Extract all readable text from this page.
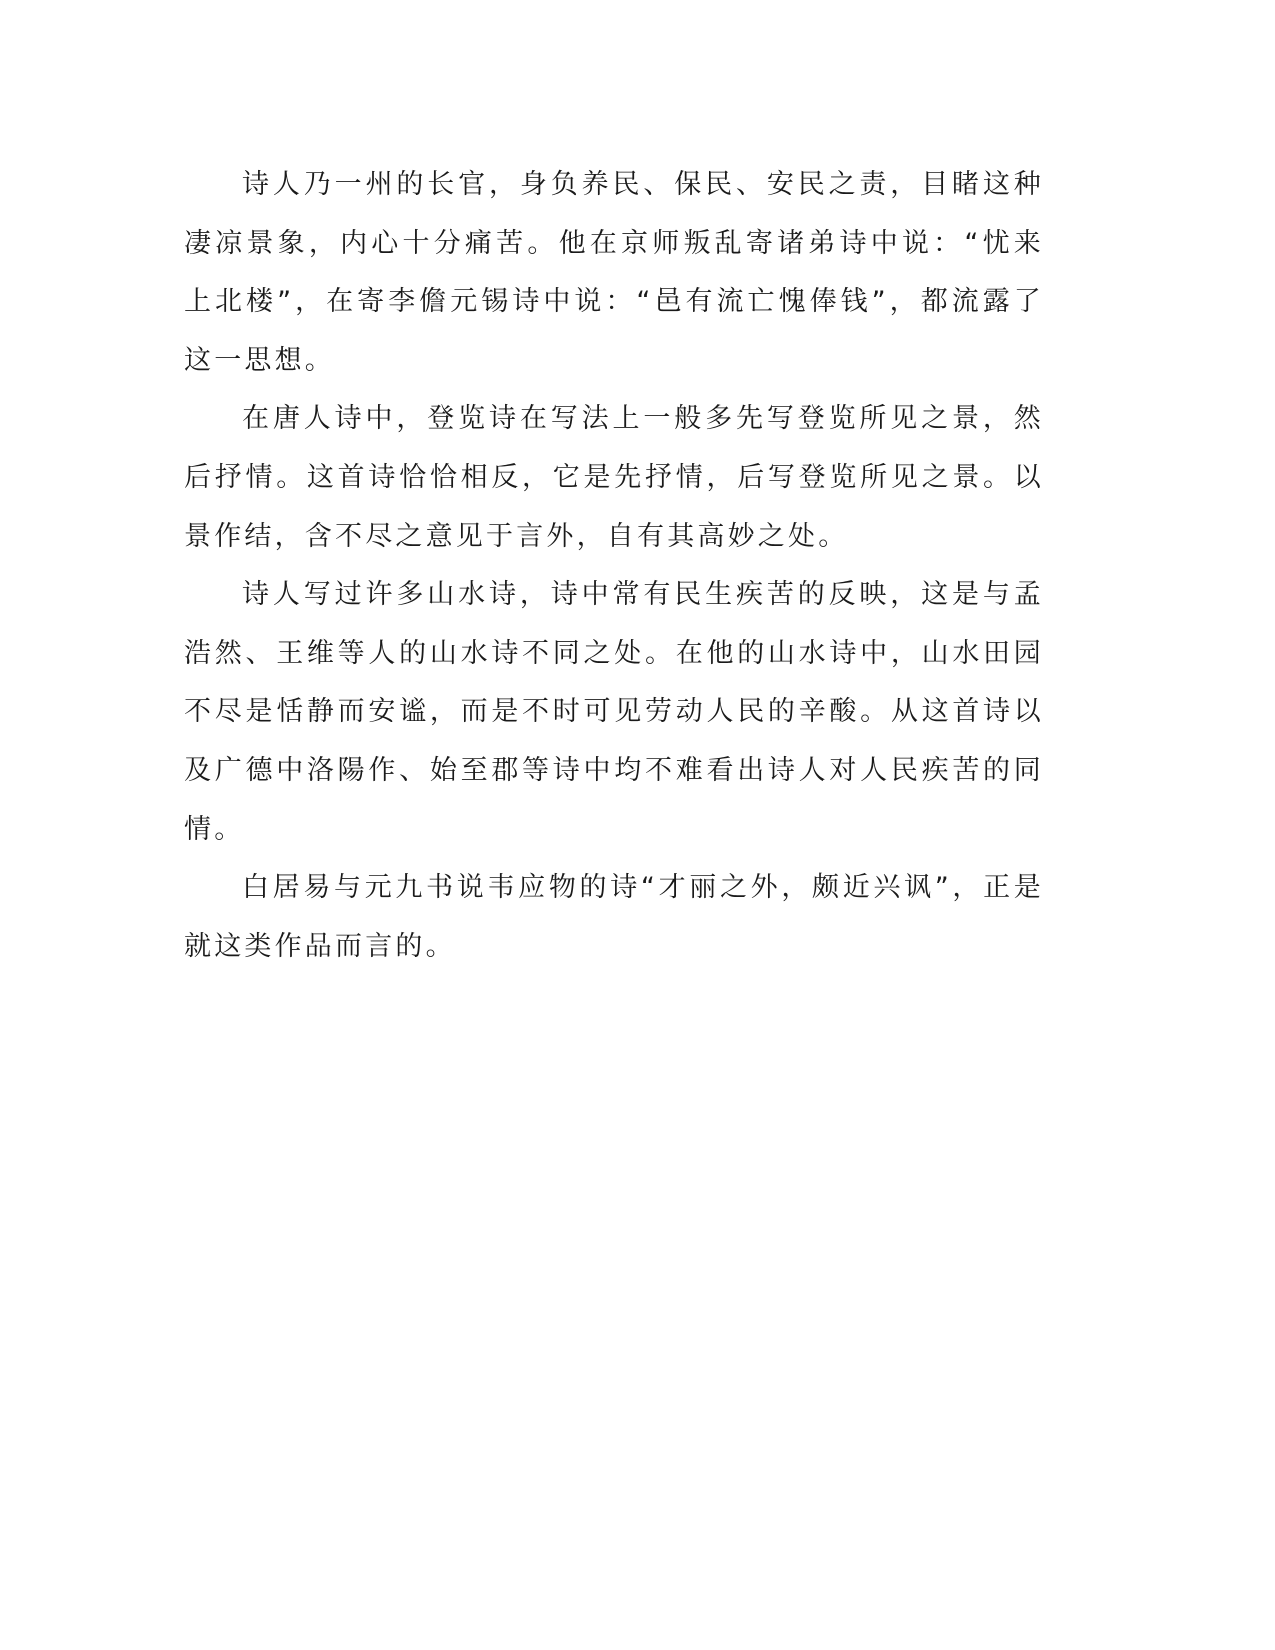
诗人乃一州的长官，身负养民、保民、安民之责，目睹这种凄凉景象，内心十分痛苦。他在京师叛乱寄诸弟诗中说：“忧来上北楼”，在寄李儋元锡诗中说：“邑有流亡愧俸钱”，都流露了这一思想。

在唐人诗中，登览诗在写法上一般多先写登览所见之景，然后抒情。这首诗恰恰相反，它是先抒情，后写登览所见之景。以景作结，含不尽之意见于言外，自有其高妙之处。

诗人写过许多山水诗，诗中常有民生疾苦的反映，这是与孟浩然、王维等人的山水诗不同之处。在他的山水诗中，山水田园不尽是恬静而安谧，而是不时可见劳动人民的辛酸。从这首诗以及广德中洛陽作、始至郡等诗中均不难看出诗人对人民疾苦的同情。

白居易与元九书说韦应物的诗“才丽之外，颇近兴讽”，正是就这类作品而言的。
